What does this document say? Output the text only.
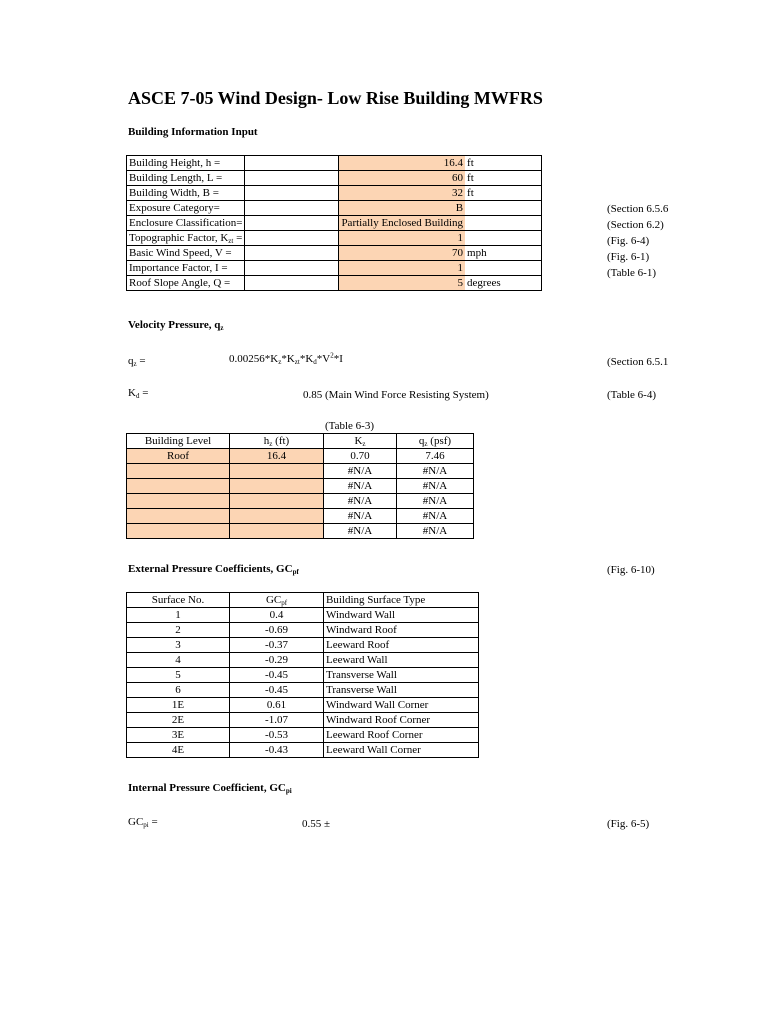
ASCE 7-05 Wind Design- Low Rise Building MWFRS
Building Information Input
Building Height, h =		16.4	ft
Building Length, L =		60	ft
Building Width, B =		32	ft
Exposure Category=		B	
Enclosure Classification=		Partially Enclosed Building	
Topographic Factor, $K_{zt}$ =		1	
Basic Wind Speed, V =		70	mph
Importance Factor, I =		1	
Roof Slope Angle, Q =		5	degrees
(Section 6.5.6
(Section 6.2)
(Fig. 6-4)
(Fig. 6-1)
(Table 6-1)
Velocity Pressure, $q_z$
$q_z$ =	$0.00256*K_z*K_{zt}*K_d*V^2*I$	(Section 6.5.1
$K_d$ =	0.85 (Main Wind Force Resisting System)	(Table 6-4)
(Table 6-3)
Building Level	$h_z$ (ft)	$K_z$	$q_z$ (psf)
Roof	16.4	0.70	7.46
		#N/A	#N/A
		#N/A	#N/A
		#N/A	#N/A
		#N/A	#N/A
		#N/A	#N/A
External Pressure Coefficients, $GC_{pf}$	(Fig. 6-10)
Surface No.	$GC_{pf}$	Building Surface Type
1	0.4	Windward Wall
2	-0.69	Windward Roof
3	-0.37	Leeward Roof
4	-0.29	Leeward Wall
5	-0.45	Transverse Wall
6	-0.45	Transverse Wall
1E	0.61	Windward Wall Corner
2E	-1.07	Windward Roof Corner
3E	-0.53	Leeward Roof Corner
4E	-0.43	Leeward Wall Corner
Internal Pressure Coefficient, $GC_{pi}$
$GC_{pi}$ =	0.55 ±	(Fig. 6-5)
